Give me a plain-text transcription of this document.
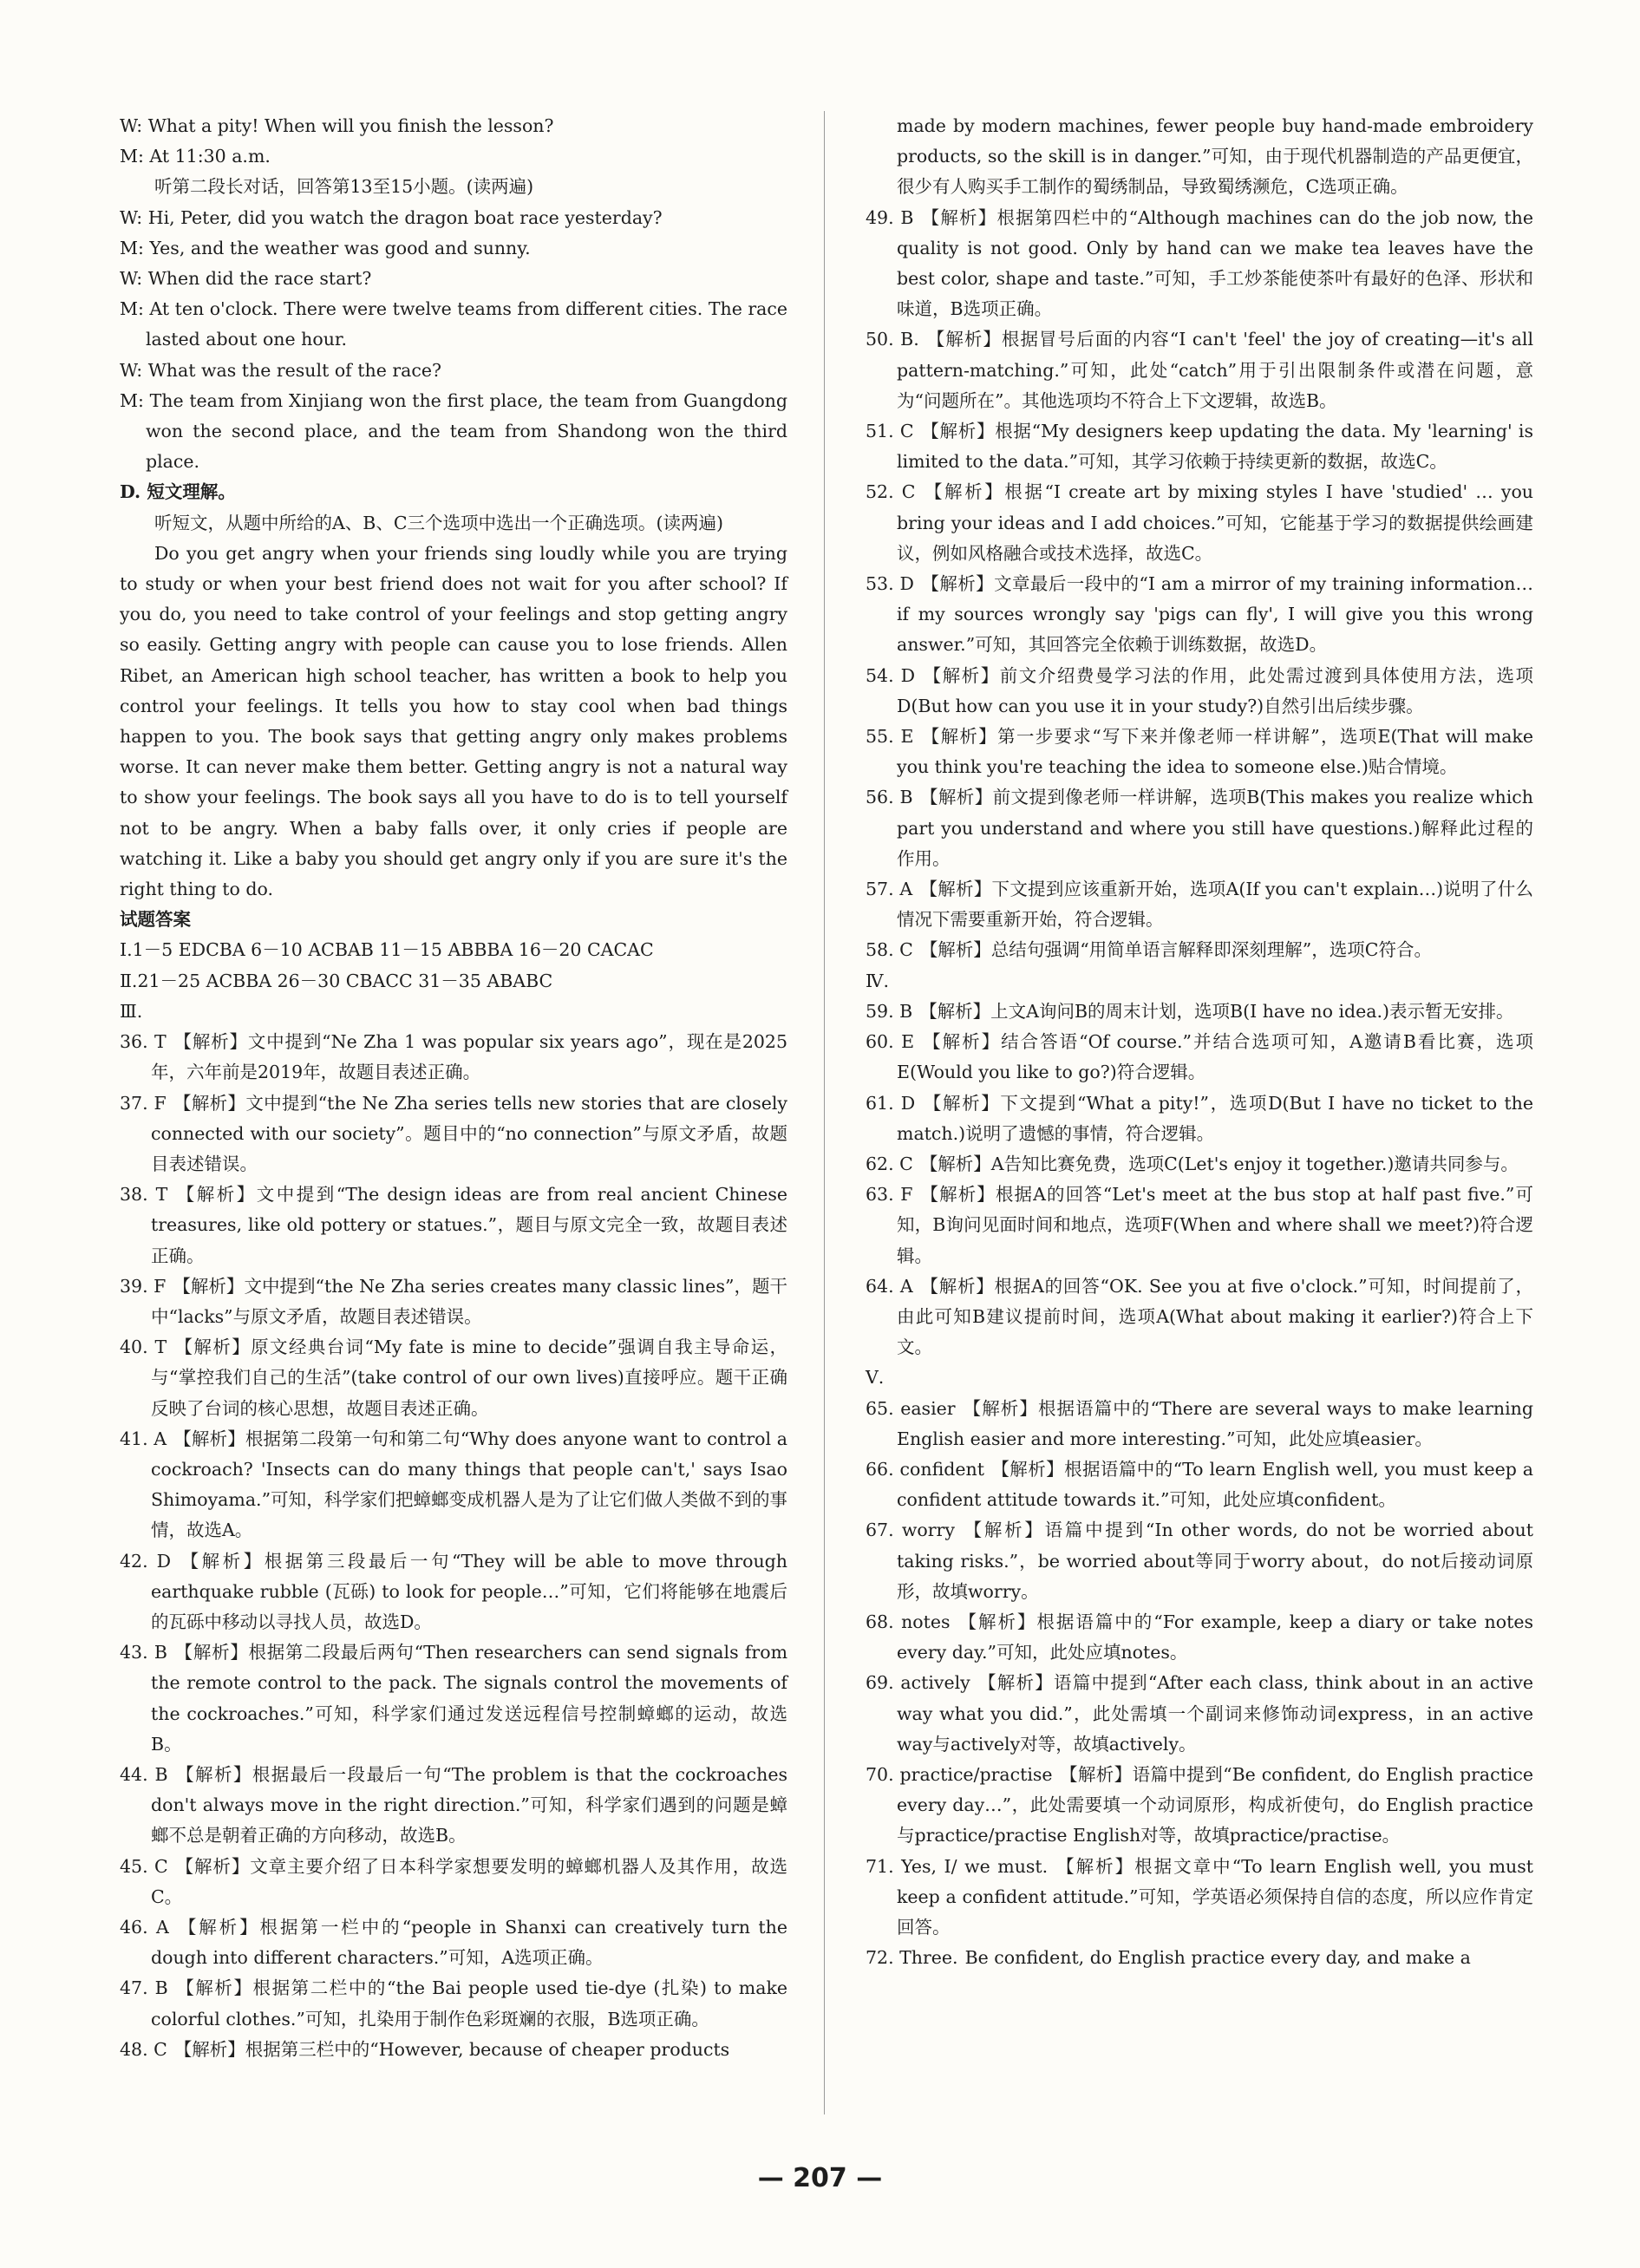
W: What a pity! When will you finish the lesson?

M: At 11:30 a.m.

听第二段长对话，回答第13至15小题。(读两遍)

W: Hi, Peter, did you watch the dragon boat race yesterday?

M: Yes, and the weather was good and sunny.

W: When did the race start?

M: At ten o'clock. There were twelve teams from different cities. The race lasted about one hour.

W: What was the result of the race?

M: The team from Xinjiang won the first place, the team from Guangdong won the second place, and the team from Shandong won the third place.

D. 短文理解。

听短文，从题中所给的A、B、C三个选项中选出一个正确选项。(读两遍)

Do you get angry when your friends sing loudly while you are trying to study or when your best friend does not wait for you after school? If you do, you need to take control of your feelings and stop getting angry so easily. Getting angry with people can cause you to lose friends. Allen Ribet, an American high school teacher, has written a book to help you control your feelings. It tells you how to stay cool when bad things happen to you. The book says that getting angry only makes problems worse. It can never make them better. Getting angry is not a natural way to show your feelings. The book says all you have to do is to tell yourself not to be angry. When a baby falls over, it only cries if people are watching it. Like a baby you should get angry only if you are sure it's the right thing to do.

试题答案

Ⅰ.1－5 EDCBA 6－10 ACBAB 11－15 ABBBA 16－20 CACAC

Ⅱ.21－25 ACBBA 26－30 CBACC 31－35 ABABC

Ⅲ.

36. T 【解析】文中提到“Ne Zha 1 was popular six years ago”，现在是2025年，六年前是2019年，故题目表述正确。

37. F 【解析】文中提到“the Ne Zha series tells new stories that are closely connected with our society”。题目中的“no connection”与原文矛盾，故题目表述错误。

38. T 【解析】文中提到“The design ideas are from real ancient Chinese treasures, like old pottery or statues.”，题目与原文完全一致，故题目表述正确。

39. F 【解析】文中提到“the Ne Zha series creates many classic lines”，题干中“lacks”与原文矛盾，故题目表述错误。

40. T 【解析】原文经典台词“My fate is mine to decide”强调自我主导命运，与“掌控我们自己的生活”(take control of our own lives)直接呼应。题干正确反映了台词的核心思想，故题目表述正确。

41. A 【解析】根据第二段第一句和第二句“Why does anyone want to control a cockroach? 'Insects can do many things that people can't,' says Isao Shimoyama.”可知，科学家们把蟑螂变成机器人是为了让它们做人类做不到的事情，故选A。

42. D 【解析】根据第三段最后一句“They will be able to move through earthquake rubble (瓦砾) to look for people…”可知，它们将能够在地震后的瓦砾中移动以寻找人员，故选D。

43. B 【解析】根据第二段最后两句“Then researchers can send signals from the remote control to the pack. The signals control the movements of the cockroaches.”可知，科学家们通过发送远程信号控制蟑螂的运动，故选B。

44. B 【解析】根据最后一段最后一句“The problem is that the cockroaches don't always move in the right direction.”可知，科学家们遇到的问题是蟑螂不总是朝着正确的方向移动，故选B。

45. C 【解析】文章主要介绍了日本科学家想要发明的蟑螂机器人及其作用，故选C。

46. A 【解析】根据第一栏中的“people in Shanxi can creatively turn the dough into different characters.”可知，A选项正确。

47. B 【解析】根据第二栏中的“the Bai people used tie-dye (扎染) to make colorful clothes.”可知，扎染用于制作色彩斑斓的衣服，B选项正确。

48. C 【解析】根据第三栏中的“However, because of cheaper products

made by modern machines, fewer people buy hand-made embroidery products, so the skill is in danger.”可知，由于现代机器制造的产品更便宜，很少有人购买手工制作的蜀绣制品，导致蜀绣濒危，C选项正确。

49. B 【解析】根据第四栏中的“Although machines can do the job now, the quality is not good. Only by hand can we make tea leaves have the best color, shape and taste.”可知，手工炒茶能使茶叶有最好的色泽、形状和味道，B选项正确。

50. B. 【解析】根据冒号后面的内容“I can't 'feel' the joy of creating—it's all pattern-matching.”可知，此处“catch”用于引出限制条件或潜在问题，意为“问题所在”。其他选项均不符合上下文逻辑，故选B。

51. C 【解析】根据“My designers keep updating the data. My 'learning' is limited to the data.”可知，其学习依赖于持续更新的数据，故选C。

52. C 【解析】根据“I create art by mixing styles I have 'studied' … you bring your ideas and I add choices.”可知，它能基于学习的数据提供绘画建议，例如风格融合或技术选择，故选C。

53. D 【解析】文章最后一段中的“I am a mirror of my training information…if my sources wrongly say 'pigs can fly', I will give you this wrong answer.”可知，其回答完全依赖于训练数据，故选D。

54. D 【解析】前文介绍费曼学习法的作用，此处需过渡到具体使用方法，选项D(But how can you use it in your study?)自然引出后续步骤。

55. E 【解析】第一步要求“写下来并像老师一样讲解”，选项E(That will make you think you're teaching the idea to someone else.)贴合情境。

56. B 【解析】前文提到像老师一样讲解，选项B(This makes you realize which part you understand and where you still have questions.)解释此过程的作用。

57. A 【解析】下文提到应该重新开始，选项A(If you can't explain…)说明了什么情况下需要重新开始，符合逻辑。

58. C 【解析】总结句强调“用简单语言解释即深刻理解”，选项C符合。

Ⅳ.

59. B 【解析】上文A询问B的周末计划，选项B(I have no idea.)表示暂无安排。

60. E 【解析】结合答语“Of course.”并结合选项可知，A邀请B看比赛，选项E(Would you like to go?)符合逻辑。

61. D 【解析】下文提到“What a pity!”，选项D(But I have no ticket to the match.)说明了遗憾的事情，符合逻辑。

62. C 【解析】A告知比赛免费，选项C(Let's enjoy it together.)邀请共同参与。

63. F 【解析】根据A的回答“Let's meet at the bus stop at half past five.”可知，B询问见面时间和地点，选项F(When and where shall we meet?)符合逻辑。

64. A 【解析】根据A的回答“OK. See you at five o'clock.”可知，时间提前了，由此可知B建议提前时间，选项A(What about making it earlier?)符合上下文。

Ⅴ.

65. easier 【解析】根据语篇中的“There are several ways to make learning English easier and more interesting.”可知，此处应填easier。

66. confident 【解析】根据语篇中的“To learn English well, you must keep a confident attitude towards it.”可知，此处应填confident。

67. worry 【解析】语篇中提到“In other words, do not be worried about taking risks.”，be worried about等同于worry about，do not后接动词原形，故填worry。

68. notes 【解析】根据语篇中的“For example, keep a diary or take notes every day.”可知，此处应填notes。

69. actively 【解析】语篇中提到“After each class, think about in an active way what you did.”，此处需填一个副词来修饰动词express，in an active way与actively对等，故填actively。

70. practice/practise 【解析】语篇中提到“Be confident, do English practice every day…”，此处需要填一个动词原形，构成祈使句，do English practice与practice/practise English对等，故填practice/practise。

71. Yes, I/ we must. 【解析】根据文章中“To learn English well, you must keep a confident attitude.”可知，学英语必须保持自信的态度，所以应作肯定回答。

72. Three. Be confident, do English practice every day, and make a

— 207 —
